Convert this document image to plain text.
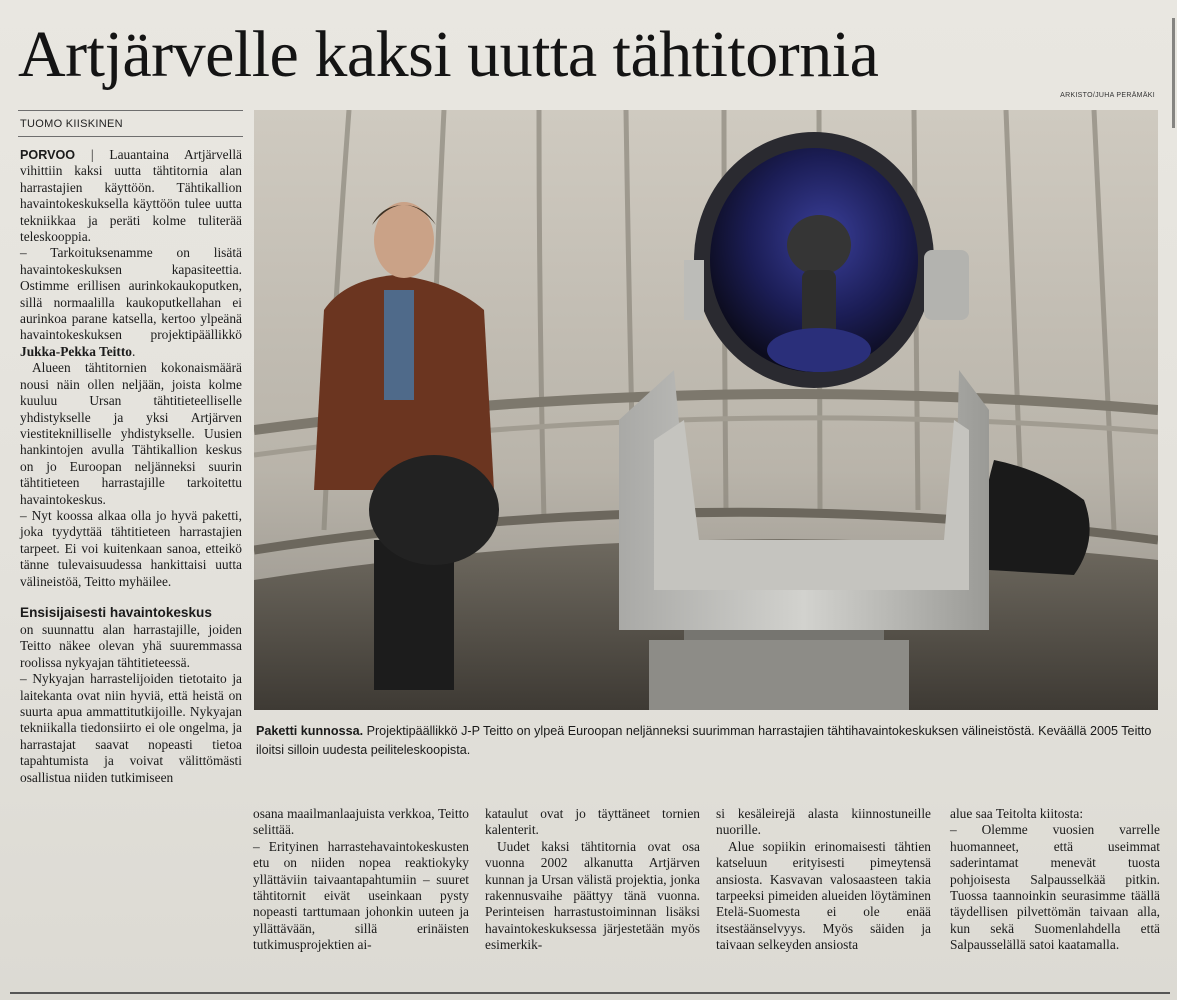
Artjärvelle kaksi uutta tähtitornia
TUOMO KIISKINEN
ARKISTO/JUHA PERÄMÄKI
Paketti kunnossa. Projektipäällikkö J-P Teitto on ylpeä Euroopan neljänneksi suurimman harrastajien tähtihavaintokeskuksen välineistöstä. Keväällä 2005 Teitto iloitsi silloin uudesta peiliteleskoopista.

PORVOO | Lauantaina Artjärvellä vihittiin kaksi uutta tähtitornia alan harrastajien käyttöön. Tähtikallion havaintokeskuksella käyttöön tulee uutta tekniikkaa ja peräti kolme tuliterää teleskooppia.

– Tarkoituksenamme on lisätä havaintokeskuksen kapasiteettia. Ostimme erillisen aurinkokaukoputken, sillä normaalilla kaukoputkellahan ei aurinkoa parane katsella, kertoo ylpeänä havaintokeskuksen projektipäällikkö Jukka-Pekka Teitto.

Alueen tähtitornien kokonaismäärä nousi näin ollen neljään, joista kolme kuuluu Ursan tähtitieteelliselle yhdistykselle ja yksi Artjärven viestiteknilliselle yhdistykselle. Uusien hankintojen avulla Tähtikallion keskus on jo Euroopan neljänneksi suurin tähtitieteen harrastajille tarkoitettu havaintokeskus.

– Nyt koossa alkaa olla jo hyvä paketti, joka tyydyttää tähtitieteen harrastajien tarpeet. Ei voi kuitenkaan sanoa, etteikö tänne tulevaisuudessa hankittaisi uutta välineistöä, Teitto myhäilee.

Ensisijaisesti havaintokeskus

on suunnattu alan harrastajille, joiden Teitto näkee olevan yhä suuremmassa roolissa nykyajan tähtitieteessä.

– Nykyajan harrastelijoiden tietotaito ja laitekanta ovat niin hyviä, että heistä on suurta apua ammattitutkijoille. Nykyajan tekniikalla tiedonsiirto ei ole ongelma, ja harrastajat saavat nopeasti tietoa tapahtumista ja voivat välittömästi osallistua niiden tutkimiseen

osana maailmanlaajuista verkkoa, Teitto selittää.

– Erityinen harrastehavaintokeskusten etu on niiden nopea reaktiokyky yllättäviin taivaantapahtumiin – suuret tähtitornit eivät useinkaan pysty nopeasti tarttumaan johonkin uuteen ja yllättävään, sillä erinäisten tutkimusprojektien ai-

kataulut ovat jo täyttäneet tornien kalenterit.

Uudet kaksi tähtitornia ovat osa vuonna 2002 alkanutta Artjärven kunnan ja Ursan välistä projektia, jonka rakennusvaihe päättyy tänä vuonna. Perinteisen harrastustoiminnan lisäksi havaintokeskuksessa järjestetään myös esimerkik-

si kesäleirejä alasta kiinnostuneille nuorille.

Alue sopiikin erinomaisesti tähtien katseluun erityisesti pimeytensä ansiosta. Kasvavan valosaasteen takia tarpeeksi pimeiden alueiden löytäminen Etelä-Suomesta ei ole enää itsestäänselvyys. Myös säiden ja taivaan selkeyden ansiosta

alue saa Teitolta kiitosta:

– Olemme vuosien varrelle huomanneet, että useimmat saderintamat menevät tuosta pohjoisesta Salpausselkää pitkin. Tuossa taannoinkin seurasimme täällä täydellisen pilvettömän taivaan alla, kun sekä Suomenlahdella että Salpausselällä satoi kaatamalla.
